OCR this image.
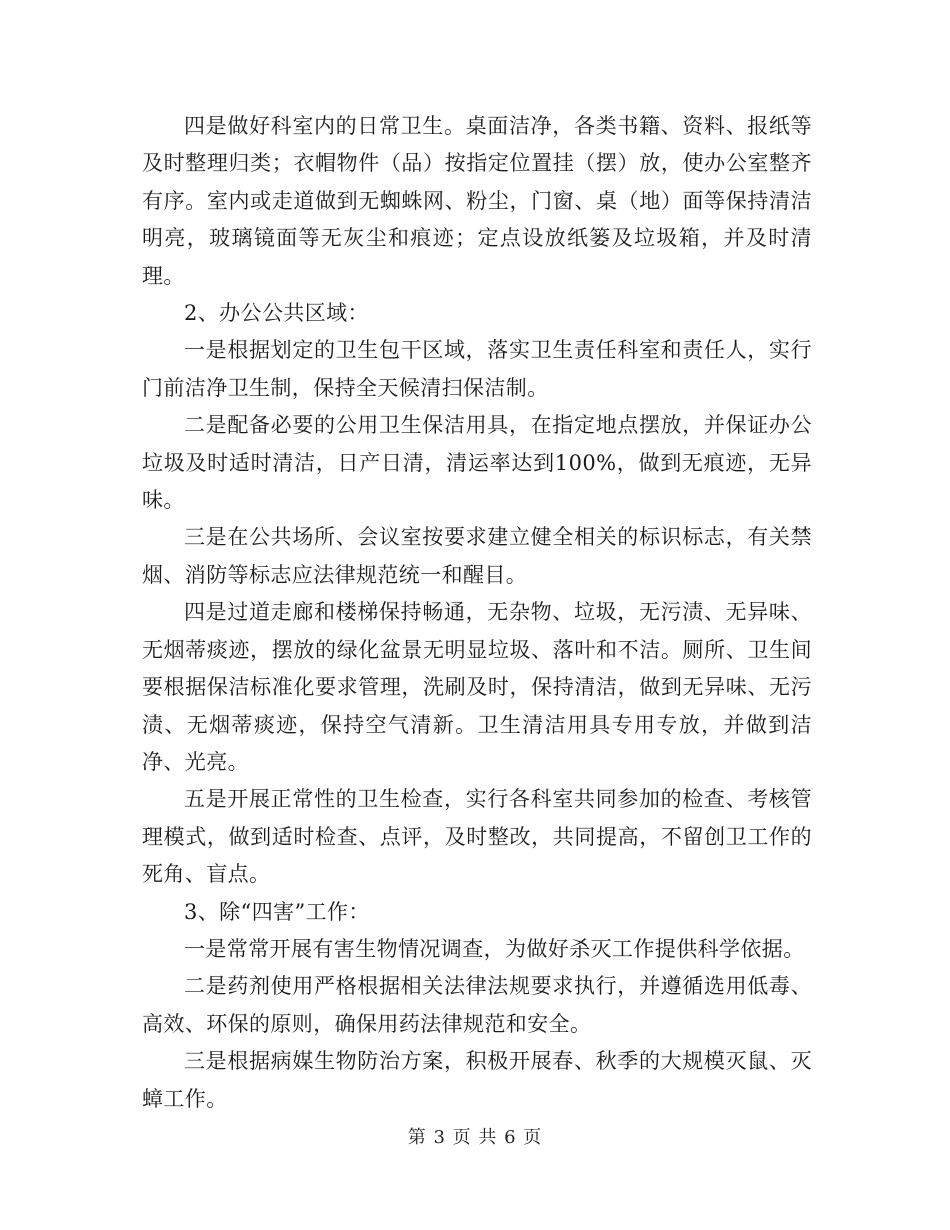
四是做好科室内的日常卫生。桌面洁净，各类书籍、资料、报纸等及时整理归类；衣帽物件（品）按指定位置挂（摆）放，使办公室整齐有序。室内或走道做到无蜘蛛网、粉尘，门窗、桌（地）面等保持清洁明亮，玻璃镜面等无灰尘和痕迹；定点设放纸篓及垃圾箱，并及时清理。

2、办公公共区域：

一是根据划定的卫生包干区域，落实卫生责任科室和责任人，实行门前洁净卫生制，保持全天候清扫保洁制。

二是配备必要的公用卫生保洁用具，在指定地点摆放，并保证办公垃圾及时适时清洁，日产日清，清运率达到100%，做到无痕迹，无异味。

三是在公共场所、会议室按要求建立健全相关的标识标志，有关禁烟、消防等标志应法律规范统一和醒目。

四是过道走廊和楼梯保持畅通，无杂物、垃圾，无污渍、无异味、无烟蒂痰迹，摆放的绿化盆景无明显垃圾、落叶和不洁。厕所、卫生间要根据保洁标准化要求管理，洗刷及时，保持清洁，做到无异味、无污渍、无烟蒂痰迹，保持空气清新。卫生清洁用具专用专放，并做到洁净、光亮。

五是开展正常性的卫生检查，实行各科室共同参加的检查、考核管理模式，做到适时检查、点评，及时整改，共同提高，不留创卫工作的死角、盲点。

3、除“四害”工作：

一是常常开展有害生物情况调查，为做好杀灭工作提供科学依据。

二是药剂使用严格根据相关法律法规要求执行，并遵循选用低毒、高效、环保的原则，确保用药法律规范和安全。

三是根据病媒生物防治方案，积极开展春、秋季的大规模灭鼠、灭蟑工作。

第 3 页 共 6 页
